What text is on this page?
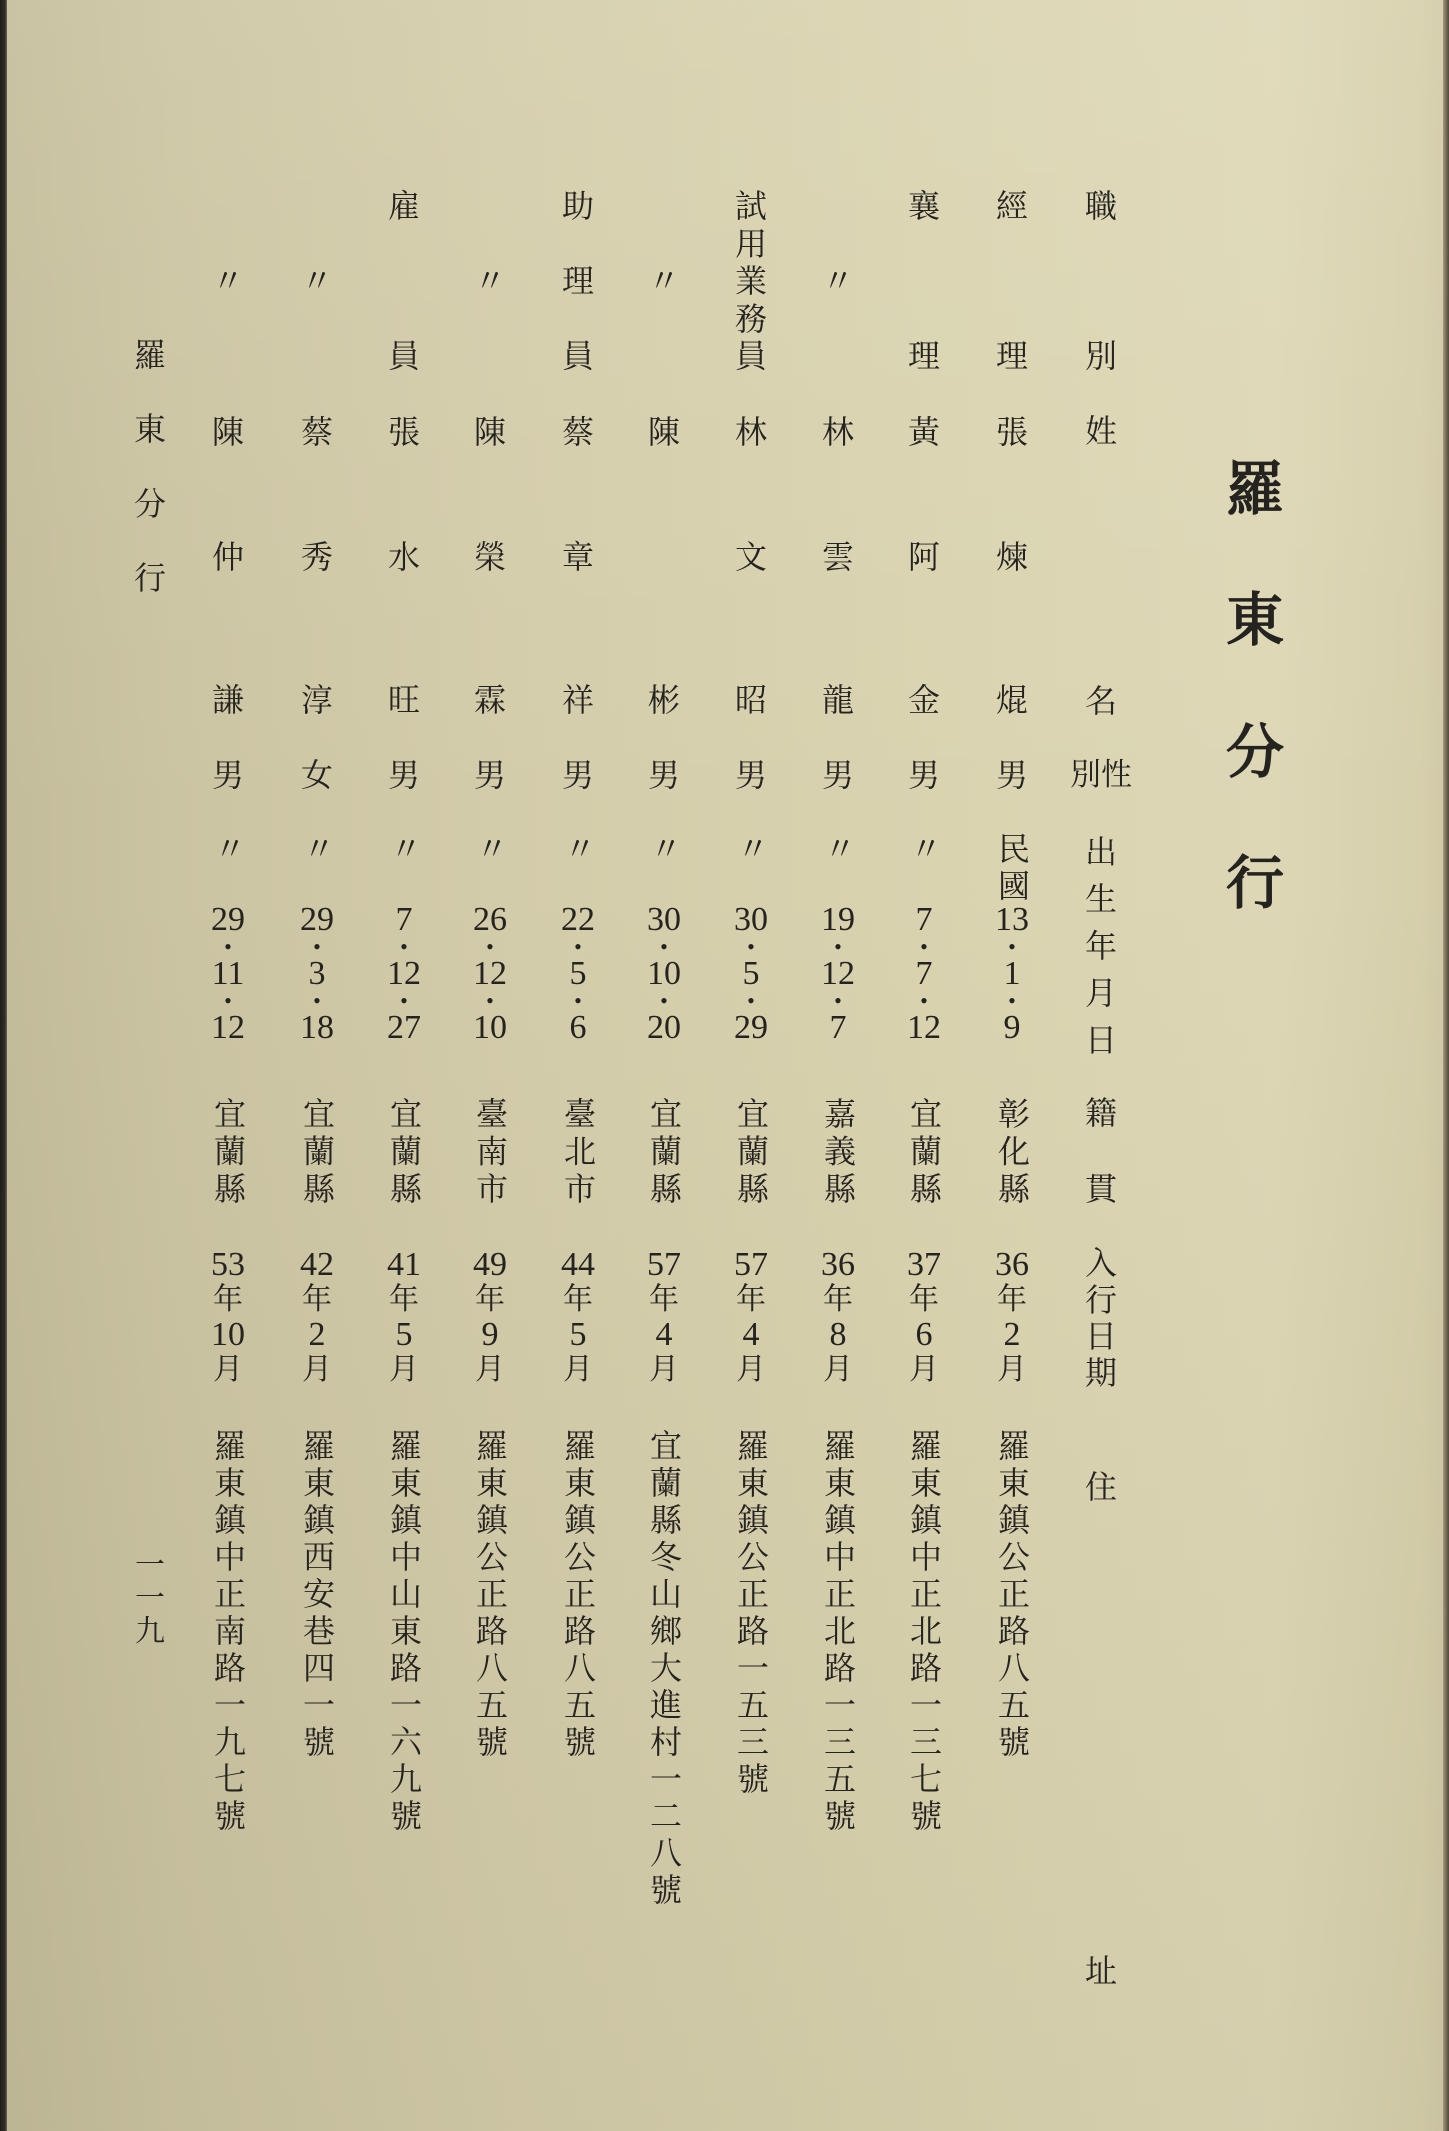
羅
東
分
行
職
別
姓
名
性別
出
生
年
月
日
籍
貫
入
行
日
期
住
址
經
理
張
煉
焜
男
民國
13
•
1
•
9
彰化縣
36
年
2
月
羅東鎮公正路八五號
襄
理
黃
阿
金
男
〃
7
•
7
•
12
宜蘭縣
37
年
6
月
羅東鎮中正北路一三七號
〃
林
雲
龍
男
〃
19
•
12
•
7
嘉義縣
36
年
8
月
羅東鎮中正北路一三五號
試
用
業
務
員
林
文
昭
男
〃
30
•
5
•
29
宜蘭縣
57
年
4
月
羅東鎮公正路一五三號
〃
陳
彬
男
〃
30
•
10
•
20
宜蘭縣
57
年
4
月
宜蘭縣冬山鄉大進村一二八號
助
理
員
蔡
章
祥
男
〃
22
•
5
•
6
臺北市
44
年
5
月
羅東鎮公正路八五號
〃
陳
榮
霖
男
〃
26
•
12
•
10
臺南市
49
年
9
月
羅東鎮公正路八五號
雇
員
張
水
旺
男
〃
7
•
12
•
27
宜蘭縣
41
年
5
月
羅東鎮中山東路一六九號
〃
蔡
秀
淳
女
〃
29
•
3
•
18
宜蘭縣
42
年
2
月
羅東鎮西安巷四一號
〃
陳
仲
謙
男
〃
29
•
11
•
12
宜蘭縣
53
年
10
月
羅東鎮中正南路一九七號
羅
東
分
行
一
一
九
